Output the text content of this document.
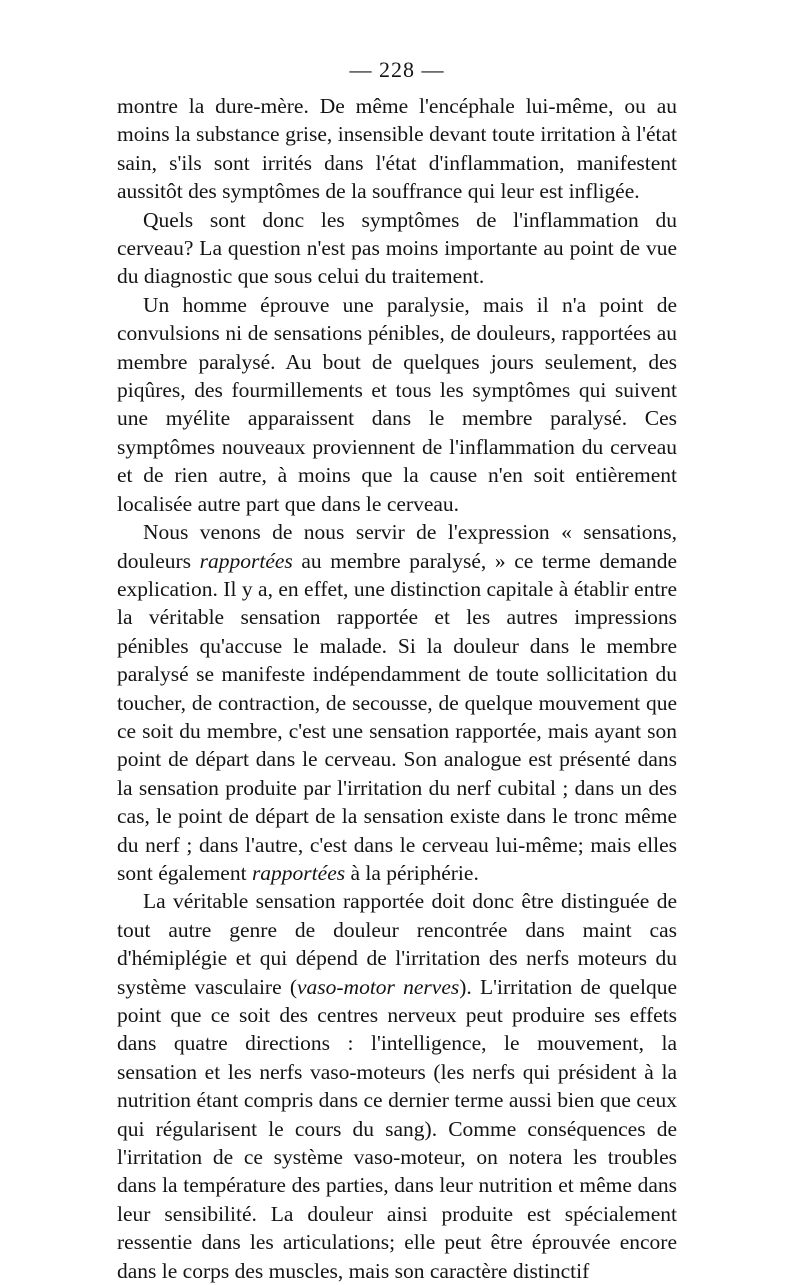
— 228 —

montre la dure-mère. De même l'encéphale lui-même, ou au moins la substance grise, insensible devant toute irritation à l'état sain, s'ils sont irrités dans l'état d'inflammation, manifestent aussitôt des symptômes de la souffrance qui leur est infligée.

Quels sont donc les symptômes de l'inflammation du cerveau? La question n'est pas moins importante au point de vue du diagnostic que sous celui du traitement.

Un homme éprouve une paralysie, mais il n'a point de convulsions ni de sensations pénibles, de douleurs, rapportées au membre paralysé. Au bout de quelques jours seulement, des piqûres, des fourmillements et tous les symptômes qui suivent une myélite apparaissent dans le membre paralysé. Ces symptômes nouveaux proviennent de l'inflammation du cerveau et de rien autre, à moins que la cause n'en soit entièrement localisée autre part que dans le cerveau.

Nous venons de nous servir de l'expression « sensations, douleurs rapportées au membre paralysé, » ce terme demande explication. Il y a, en effet, une distinction capitale à établir entre la véritable sensation rapportée et les autres impressions pénibles qu'accuse le malade. Si la douleur dans le membre paralysé se manifeste indépendamment de toute sollicitation du toucher, de contraction, de secousse, de quelque mouvement que ce soit du membre, c'est une sensation rapportée, mais ayant son point de départ dans le cerveau. Son analogue est présenté dans la sensation produite par l'irritation du nerf cubital ; dans un des cas, le point de départ de la sensation existe dans le tronc même du nerf ; dans l'autre, c'est dans le cerveau lui-même; mais elles sont également rapportées à la périphérie.

La véritable sensation rapportée doit donc être distinguée de tout autre genre de douleur rencontrée dans maint cas d'hémiplégie et qui dépend de l'irritation des nerfs moteurs du système vasculaire (vaso-motor nerves). L'irritation de quelque point que ce soit des centres nerveux peut produire ses effets dans quatre directions : l'intelligence, le mouvement, la sensation et les nerfs vaso-moteurs (les nerfs qui président à la nutrition étant compris dans ce dernier terme aussi bien que ceux qui régularisent le cours du sang). Comme conséquences de l'irritation de ce système vaso-moteur, on notera les troubles dans la température des parties, dans leur nutrition et même dans leur sensibilité. La douleur ainsi produite est spécialement ressentie dans les articulations; elle peut être éprouvée encore dans le corps des muscles, mais son caractère distinctif
